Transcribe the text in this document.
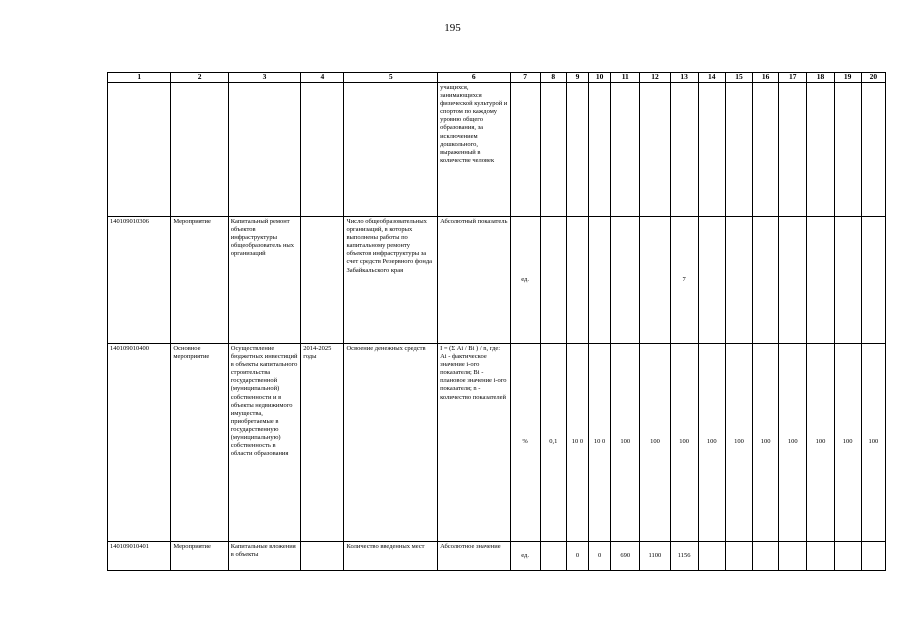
195
1	2	3	4	5	6	7	8	9	10	11	12	13	14	15	16	17	18	19	20
					учащихся, занимающихся физической культурой и спортом по каждому уровню общего образования, за исключением дошкольного, выраженный в количестве человек														
140109010306	Мероприятие	Капитальный ремонт объектов инфраструктуры общеобразователь ных организаций		Число общеобразовательных организаций, в которых выполнены работы по капитальному ремонту объектов инфраструктуры за счет средств Резервного фонда Забайкальского края	Абсолютный показатель	ед.						7							
140109010400	Основное мероприятие	Осуществление бюджетных инвестиций в объекты капитального строительства государственной (муниципальной) собственности и в объекты недвижимого имущества, приобретаемые в государственную (муниципальную) собственность в области образования	2014-2025 годы	Освоение денежных средств	I = (Σ Ai / Bi ) / n, где: Ai - фактическое значение i-ого показателя; Bi - плановое значение i-ого показателя; n - количество показателей	%	0,1	10 0	10 0	100	100	100	100	100	100	100	100	100	100
140109010401	Мероприятие	Капитальные вложения в объекты		Количество введенных мест	Абсолютное значение	ед.		0	0	690	1100	1156							
